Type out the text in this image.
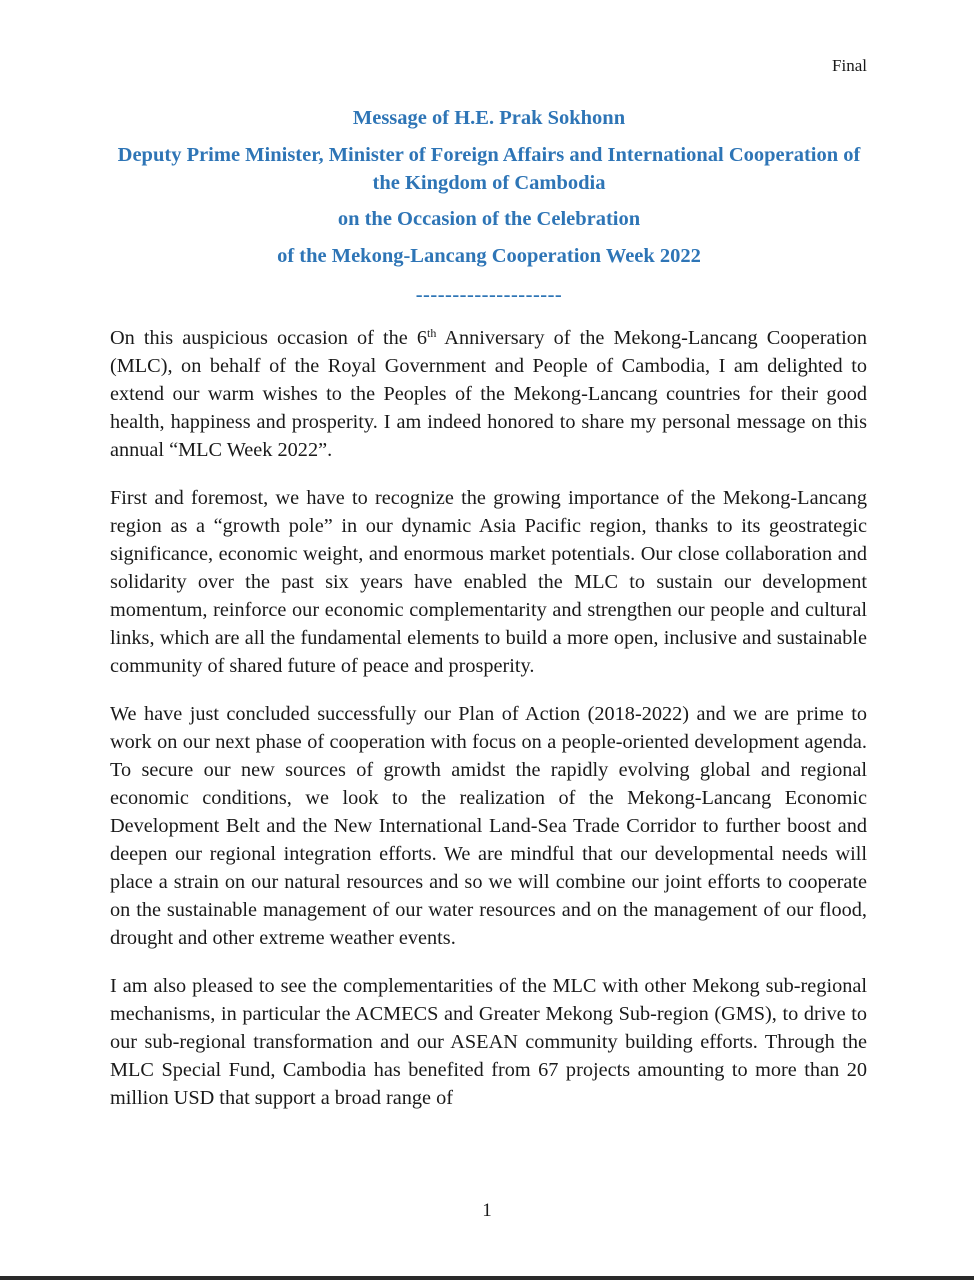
Final
Message of H.E. Prak Sokhonn
Deputy Prime Minister, Minister of Foreign Affairs and International Cooperation of the Kingdom of Cambodia
on the Occasion of the Celebration
of the Mekong-Lancang Cooperation Week 2022
--------------------

On this auspicious occasion of the 6th Anniversary of the Mekong-Lancang Cooperation (MLC), on behalf of the Royal Government and People of Cambodia, I am delighted to extend our warm wishes to the Peoples of the Mekong-Lancang countries for their good health, happiness and prosperity. I am indeed honored to share my personal message on this annual “MLC Week 2022”.

First and foremost, we have to recognize the growing importance of the Mekong-Lancang region as a “growth pole” in our dynamic Asia Pacific region, thanks to its geostrategic significance, economic weight, and enormous market potentials. Our close collaboration and solidarity over the past six years have enabled the MLC to sustain our development momentum, reinforce our economic complementarity and strengthen our people and cultural links, which are all the fundamental elements to build a more open, inclusive and sustainable community of shared future of peace and prosperity.

We have just concluded successfully our Plan of Action (2018-2022) and we are prime to work on our next phase of cooperation with focus on a people-oriented development agenda. To secure our new sources of growth amidst the rapidly evolving global and regional economic conditions, we look to the realization of the Mekong-Lancang Economic Development Belt and the New International Land-Sea Trade Corridor to further boost and deepen our regional integration efforts. We are mindful that our developmental needs will place a strain on our natural resources and so we will combine our joint efforts to cooperate on the sustainable management of our water resources and on the management of our flood, drought and other extreme weather events.

I am also pleased to see the complementarities of the MLC with other Mekong sub-regional mechanisms, in particular the ACMECS and Greater Mekong Sub-region (GMS), to drive to our sub-regional transformation and our ASEAN community building efforts. Through the MLC Special Fund, Cambodia has benefited from 67 projects amounting to more than 20 million USD that support a broad range of

1
